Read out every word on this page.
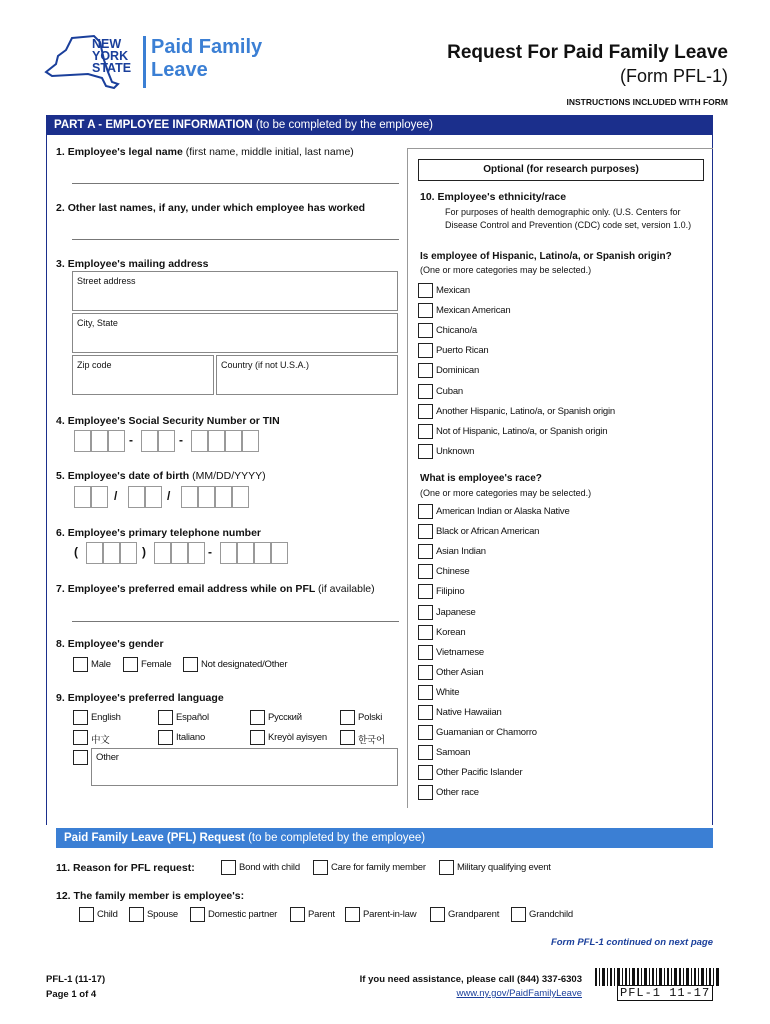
NEW
YORK
STATE
Paid Family
Leave
Request For Paid Family Leave
(Form PFL-1)
INSTRUCTIONS INCLUDED WITH FORM
PART A - EMPLOYEE INFORMATION (to be completed by the employee)
1. Employee's legal name (first name, middle initial, last name)
2. Other last names, if any, under which employee has worked
3. Employee's mailing address
Street address
City, State
Zip code	Country (if not U.S.A.)
4. Employee's Social Security Number or TIN
-	-
5. Employee's date of birth (MM/DD/YYYY)
/	/
6. Employee's primary telephone number
(	)	-
7. Employee's preferred email address while on PFL (if available)
8. Employee's gender
Male	Female	Not designated/Other
9. Employee's preferred language
English	Español	Русский	Polski
中文	Italiano	Kreyòl ayisyen	한국어
Other
Optional (for research purposes)
10. Employee's ethnicity/race
For purposes of health demographic only. (U.S. Centers for
Disease Control and Prevention (CDC) code set, version 1.0.)
Is employee of Hispanic, Latino/a, or Spanish origin?
(One or more categories may be selected.)
Mexican
Mexican American
Chicano/a
Puerto Rican
Dominican
Cuban
Another Hispanic, Latino/a, or Spanish origin
Not of Hispanic, Latino/a, or Spanish origin
Unknown
What is employee's race?
(One or more categories may be selected.)
American Indian or Alaska Native
Black or African American
Asian Indian
Chinese
Filipino
Japanese
Korean
Vietnamese
Other Asian
White
Native Hawaiian
Guamanian or Chamorro
Samoan
Other Pacific Islander
Other race
Paid Family Leave (PFL) Request (to be completed by the employee)
11. Reason for PFL request:	Bond with child	Care for family member	Military qualifying event
12. The family member is employee's:
Child	Spouse	Domestic partner	Parent	Parent-in-law	Grandparent	Grandchild
Form PFL-1 continued on next page
PFL-1 (11-17)
Page 1 of 4
If you need assistance, please call (844) 337-6303
www.ny.gov/PaidFamilyLeave	PFL-1 11-17
